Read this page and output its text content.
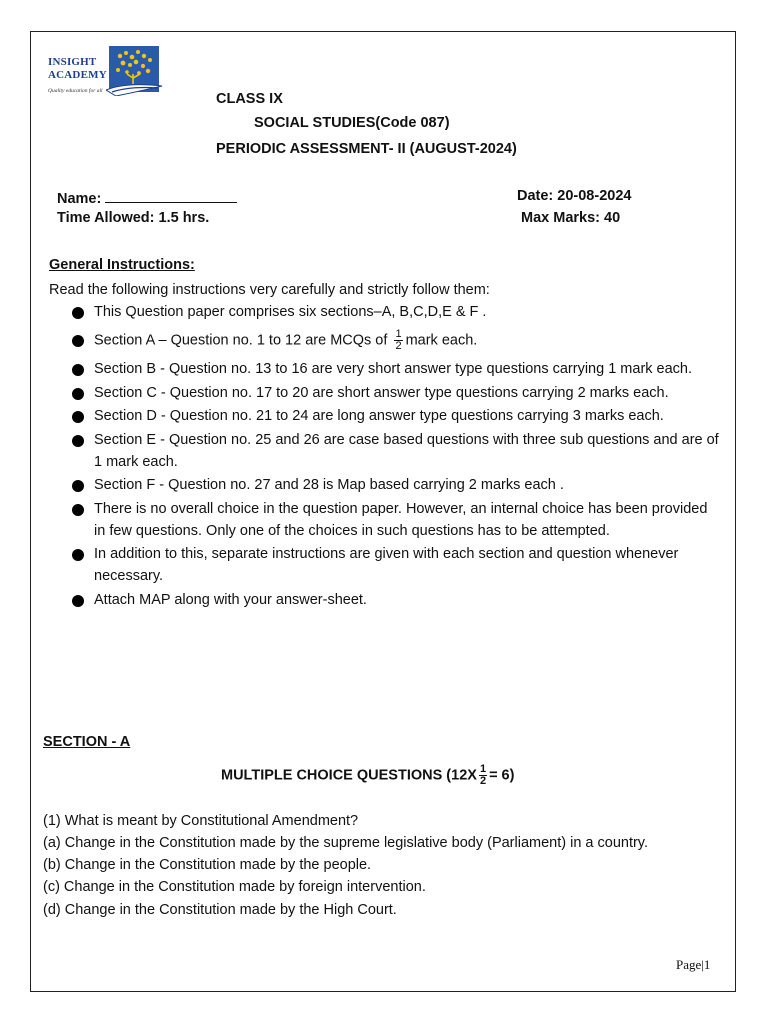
INSIGHT
ACADEMY
Quality education for all	CLASS IX
SOCIAL STUDIES(Code 087)
PERIODIC ASSESSMENT- II (AUGUST-2024)
Name:	Date: 20-08-2024
Time Allowed: 1.5 hrs.	Max Marks: 40
General Instructions:
Read the following instructions very carefully and strictly follow them:
This Question paper comprises six sections–A, B,C,D,E & F .
Section A – Question no. 1 to 12 are MCQs of $\frac{1}{2}$ mark each.
Section B - Question no. 13 to 16 are very short answer type questions carrying 1 mark each.
Section C - Question no. 17 to 20 are short answer type questions carrying 2 marks each.
Section D - Question no. 21 to 24 are long answer type questions carrying 3 marks each.
Section E - Question no. 25 and 26 are case based questions with three sub questions and are of 1 mark each.
Section F - Question no. 27 and 28 is Map based carrying 2 marks each .
There is no overall choice in the question paper. However, an internal choice has been provided in few questions. Only one of the choices in such questions has to be attempted.
In addition to this, separate instructions are given with each section and question whenever necessary.
Attach MAP along with your answer-sheet.
SECTION - A
MULTIPLE CHOICE QUESTIONS $(12X \frac{1}{2} = 6)$
(1) What is meant by Constitutional Amendment?
(a) Change in the Constitution made by the supreme legislative body (Parliament) in a country.
(b) Change in the Constitution made by the people.
(c) Change in the Constitution made by foreign intervention.
(d) Change in the Constitution made by the High Court.
Page|1
